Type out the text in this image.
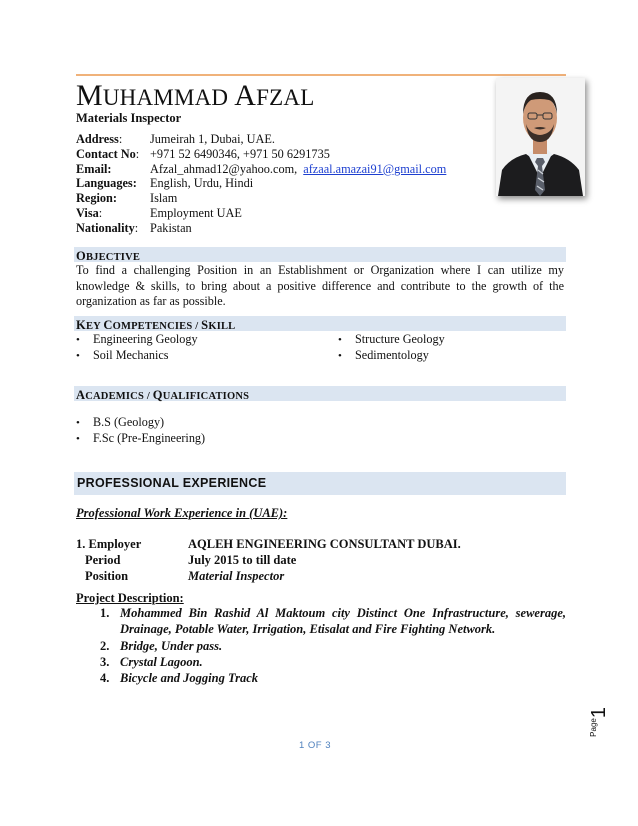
MUHAMMAD AFZAL
Materials Inspector
Address:	Jumeirah 1, Dubai, UAE.
Contact No: +971 52 6490346, +971 50 6291735
Email:	Afzal_ahmad12@yahoo.com, afzaal.amazai91@gmail.com
Languages:	English, Urdu, Hindi
Region:	Islam
Visa:	Employment UAE
Nationality: Pakistan
OBJECTIVE
To find a challenging Position in an Establishment or Organization where I can utilize my knowledge & skills, to bring about a positive difference and contribute to the growth of the organization as far as possible.
KEY COMPETENCIES / SKILL
• Engineering Geology
• Soil Mechanics
• Structure Geology
• Sedimentology
ACADEMICS / QUALIFICATIONS
• B.S (Geology)
• F.Sc (Pre-Engineering)
PROFESSIONAL EXPERIENCE
Professional Work Experience in (UAE):
1. Employer	AQLEH ENGINEERING CONSULTANT DUBAI.
Period	July 2015 to till date
Position	Material Inspector
Project Description:
1. Mohammed Bin Rashid Al Maktoum city Distinct One Infrastructure, sewerage, Drainage, Potable Water, Irrigation, Etisalat and Fire Fighting Network.
2. Bridge, Under pass.
3. Crystal Lagoon.
4. Bicycle and Jogging Track
1 OF 3
1
Page
